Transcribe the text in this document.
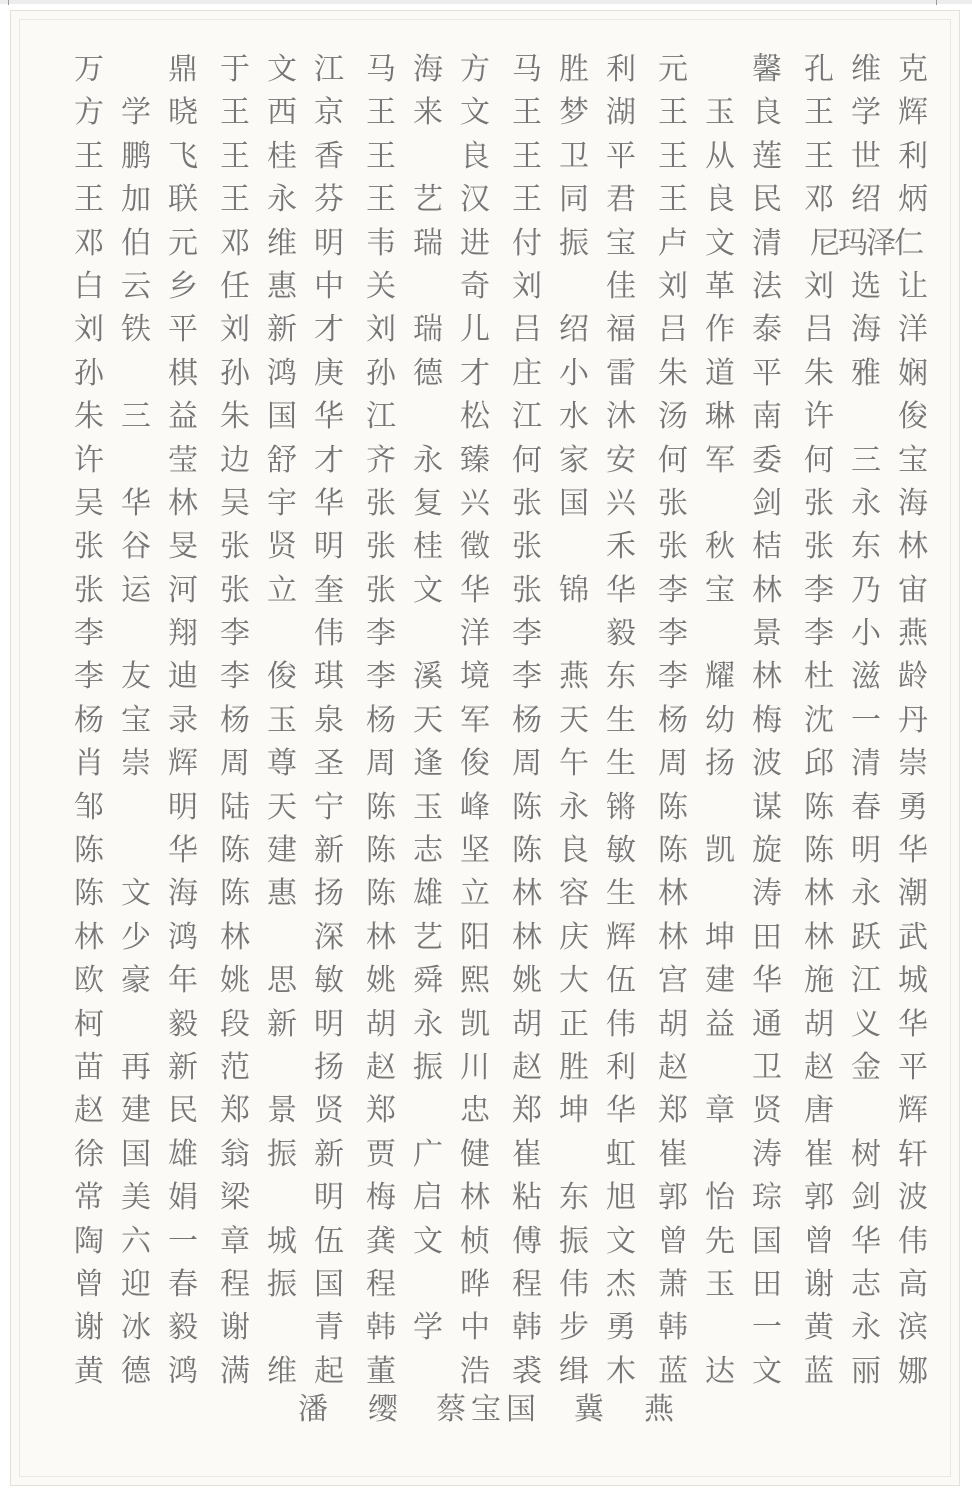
万 鼎 于文江 马海方 马胜利 元 馨 孔维克
方学晓 王西京 王来文 王梦湖 王玉良 王学辉
王鹏飞 王桂香 王 良 王卫平 王从莲 王世利
王加联 王永芬 王艺汉 王同君 王良民 邓绍炳
邓伯元 邓维明 韦瑞进 付振宝 卢文清 尼玛泽仁
白云乡 任惠中 关 奇 刘 佳 刘革法 刘选让
刘铁平 刘新才 刘瑞儿 吕绍福 吕作泰 吕海洋
孙 棋 孙鸿庚 孙德才 庄小雷 朱道平 朱雅娴
朱三益 朱国华 江 松 江水沐 汤琳南 许 俊
许 莹 边舒才 齐永臻 何家安 何军委 何三宝
吴华林 吴宇华 张复兴 张国兴 张 剑 张永海
张谷旻 张贤明 张桂徵 张 禾 张秋桔 张东林
张运河 张立奎 张文华 张锦华 李宝林 李乃宙
李 翔 李 伟 李 洋 李 毅 李 景 李小燕
李友迪 李俊琪 李溪境 李燕东 李耀林 杜滋龄
杨宝录 杨玉泉 杨天军 杨天生 杨幼梅 沈一丹
肖崇辉 周尊圣 周逢俊 周午生 周扬波 邱清崇
邹 明 陆天宁 陈玉峰 陈永锵 陈 谋 陈春勇
陈 华 陈建新 陈志坚 陈良敏 陈凯旋 陈明华
陈文海 陈惠扬 陈雄立 林容生 林 涛 林永潮
林少鸿 林 深 林艺阳 林庆辉 林坤田 林跃武
欧豪年 姚思敏 姚舜熙 姚大伍 宫建华 施江城
柯 毅 段新明 胡永凯 胡正伟 胡益通 胡义华
苗再新 范 扬 赵振川 赵胜利 赵 卫 赵金平
赵建民 郑景贤 郑 忠 郑坤华 郑章贤 唐 辉
徐国雄 翁振新 贾广健 崔 虹 崔 涛 崔树轩
常美娟 梁 明 梅启林 粘东旭 郭怡琮 郭剑波
陶六一 章城伍 龚文桢 傅振文 曾先国 曾华伟
曾迎春 程振国 程 晔 程伟杰 萧玉田 谢志高
谢冰毅 谢 青 韩学中 韩步勇 韩 一 黄永滨
黄德鸿 满维起 董 浩 裘缉木 蓝达文 蓝丽娜
潘 缨 蔡宝国 冀 燕
